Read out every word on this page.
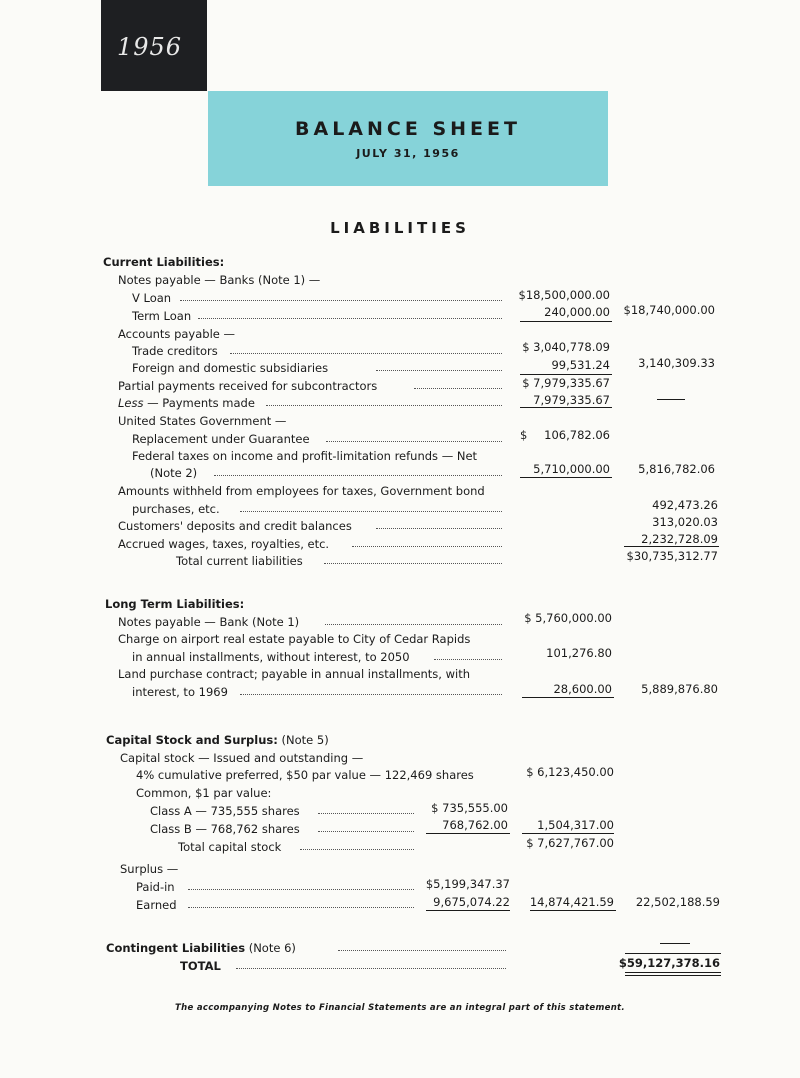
1956
BALANCE SHEET
JULY 31, 1956
LIABILITIES
Current Liabilities:
Notes payable — Banks (Note 1) —
V Loan	$18,500,000.00
Term Loan	240,000.00 $18,740,000.00
Accounts payable —
Trade creditors	$ 3,040,778.09
Foreign and domestic subsidiaries	99,531.24 3,140,309.33
Partial payments received for subcontractors	$ 7,979,335.67
Less — Payments made	7,979,335.67
United States Government —
Replacement under Guarantee	$ 106,782.06
Federal taxes on income and profit-limitation refunds — Net
(Note 2)	5,710,000.00 5,816,782.06
Amounts withheld from employees for taxes, Government bond
purchases, etc.	492,473.26
Customers' deposits and credit balances	313,020.03
Accrued wages, taxes, royalties, etc.	2,232,728.09
Total current liabilities	$30,735,312.77
Long Term Liabilities:
Notes payable — Bank (Note 1)	$ 5,760,000.00
Charge on airport real estate payable to City of Cedar Rapids
in annual installments, without interest, to 2050	101,276.80
Land purchase contract; payable in annual installments, with
interest, to 1969	28,600.00	5,889,876.80
Capital Stock and Surplus: (Note 5)
Capital stock — Issued and outstanding —
4% cumulative preferred, $50 par value — 122,469 shares	$ 6,123,450.00
Common, $1 par value:
Class A — 735,555 shares	$ 735,555.00
Class B — 768,762 shares	768,762.00	1,504,317.00
Total capital stock	$ 7,627,767.00
Surplus —
Paid-in	$5,199,347.37
Earned	9,675,074.22 14,874,421.59 22,502,188.59
Contingent Liabilities (Note 6)
TOTAL	$59,127,378.16
The accompanying Notes to Financial Statements are an integral part of this statement.
